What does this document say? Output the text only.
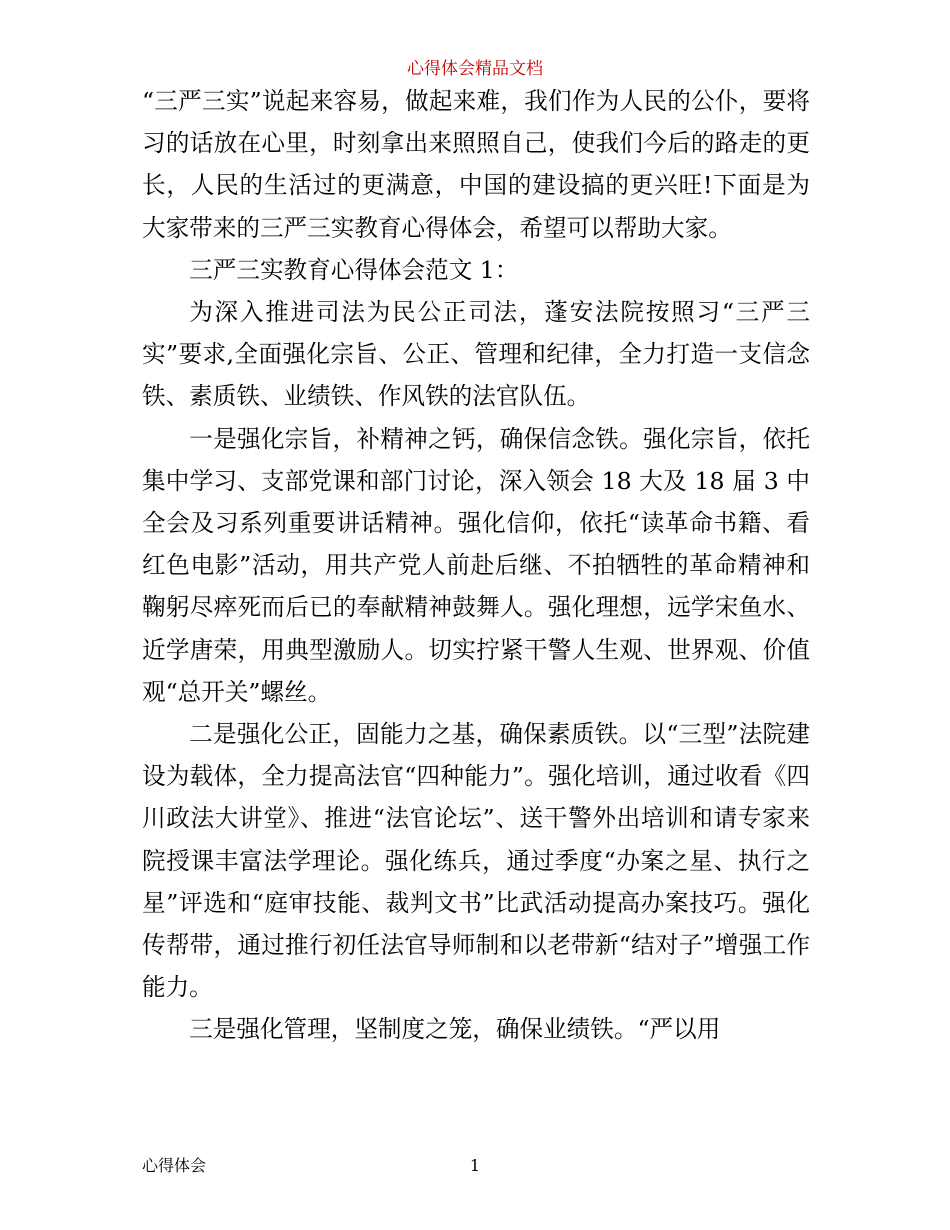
心得体会精品文档

“三严三实”说起来容易，做起来难，我们作为人民的公仆，要将习的话放在心里，时刻拿出来照照自己，使我们今后的路走的更长，人民的生活过的更满意，中国的建设搞的更兴旺!下面是为大家带来的三严三实教育心得体会，希望可以帮助大家。

三严三实教育心得体会范文 1：

为深入推进司法为民公正司法，蓬安法院按照习“三严三实”要求,全面强化宗旨、公正、管理和纪律，全力打造一支信念铁、素质铁、业绩铁、作风铁的法官队伍。

一是强化宗旨，补精神之钙，确保信念铁。强化宗旨，依托集中学习、支部党课和部门讨论，深入领会 18 大及 18 届 3 中全会及习系列重要讲话精神。强化信仰，依托“读革命书籍、看红色电影”活动，用共产党人前赴后继、不拍牺牲的革命精神和鞠躬尽瘁死而后已的奉献精神鼓舞人。强化理想，远学宋鱼水、近学唐荣，用典型激励人。切实拧紧干警人生观、世界观、价值观“总开关”螺丝。

二是强化公正，固能力之基，确保素质铁。以“三型”法院建设为载体，全力提高法官“四种能力”。强化培训，通过收看《四川政法大讲堂》、推进“法官论坛”、送干警外出培训和请专家来院授课丰富法学理论。强化练兵，通过季度“办案之星、执行之星”评选和“庭审技能、裁判文书”比武活动提高办案技巧。强化传帮带，通过推行初任法官导师制和以老带新“结对子”增强工作能力。

三是强化管理，坚制度之笼，确保业绩铁。“严以用

心得体会	1
